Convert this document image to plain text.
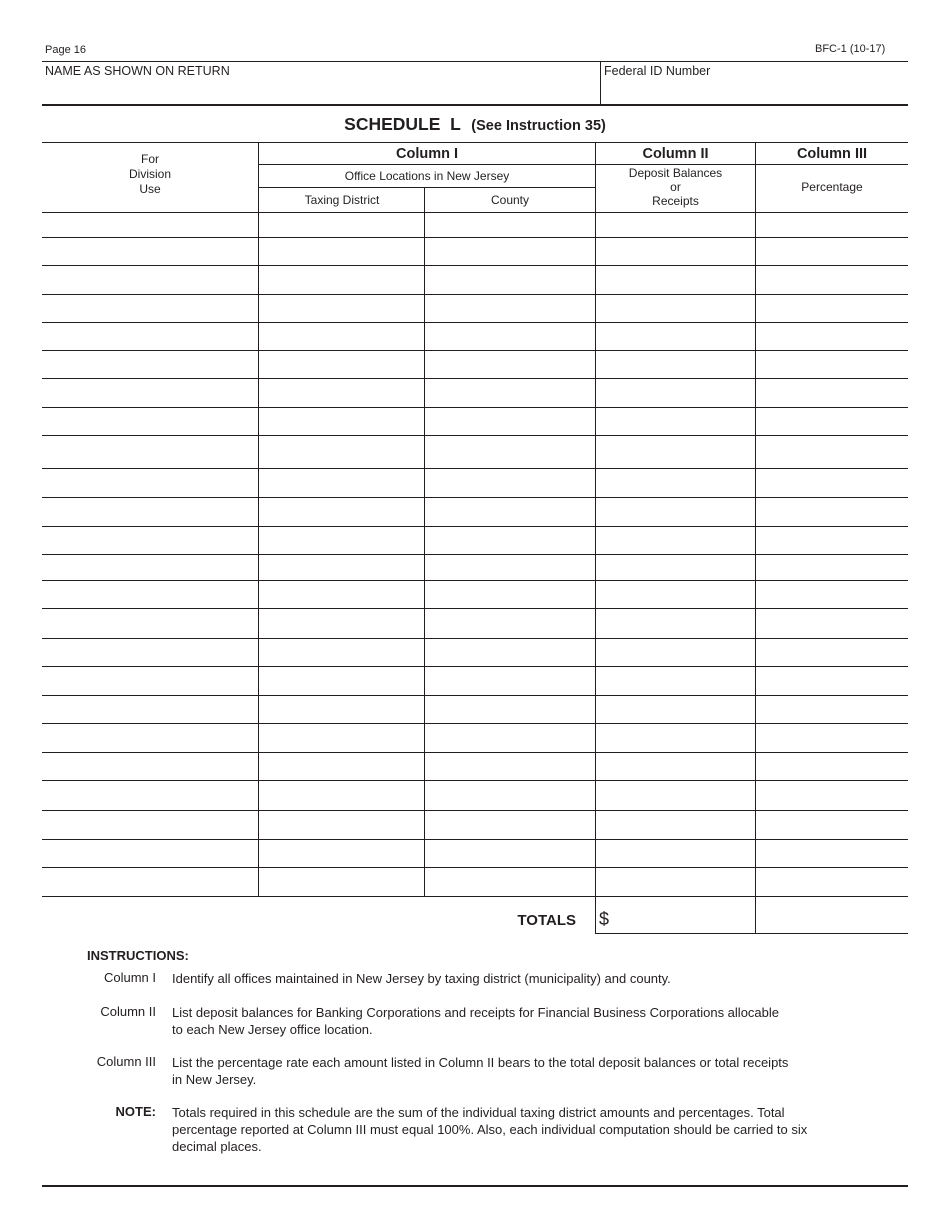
Page 16	BFC-1 (10-17)
NAME AS SHOWN ON RETURN	Federal ID Number
SCHEDULE  L (See Instruction 35)
For
Division
Use
Column I
Office Locations in New Jersey
Taxing District	County
Column II
Deposit Balances
or
Receipts
Column III
Percentage
TOTALS $
INSTRUCTIONS:
Column I Identify all offices maintained in New Jersey by taxing district (municipality) and county.
Column II List deposit balances for Banking Corporations and receipts for Financial Business Corporations allocable to each New Jersey office location.
Column III List the percentage rate each amount listed in Column II bears to the total deposit balances or total receipts in New Jersey.
NOTE: Totals required in this schedule are the sum of the individual taxing district amounts and percentages. Total percentage reported at Column III must equal 100%. Also, each individual computation should be carried to six decimal places.
